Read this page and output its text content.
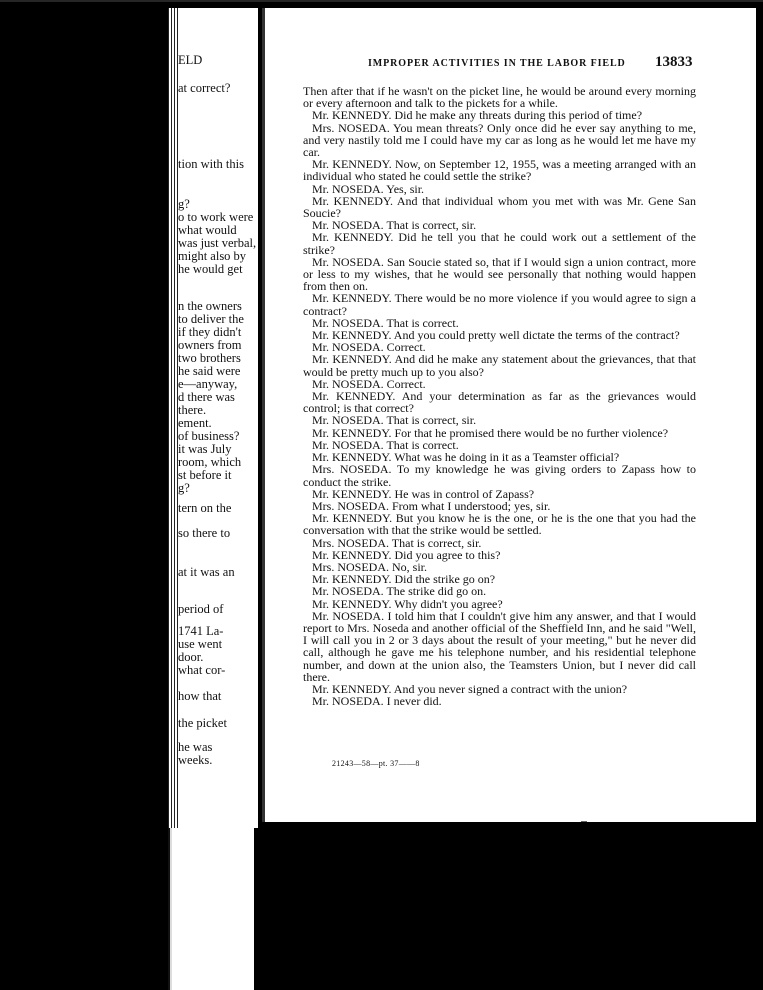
ELD
at correct?
tion with this
g?
o to work were
what would
was just verbal,
might also by
he would get
n the owners
to deliver the
if they didn't
owners from
two brothers
he said were
e—anyway,
d there was
there.
ement.
of business?
it was July
room, which
st before it
g?
tern on the
so there to
at it was an
period of
1741 La-
use went
door.
what cor-
how that
the picket
he was
weeks.
IMPROPER ACTIVITIES IN THE LABOR FIELD 13833

Then after that if he wasn't on the picket line, he would be around every morning or every afternoon and talk to the pickets for a while.

Mr. KENNEDY. Did he make any threats during this period of time?

Mrs. NOSEDA. You mean threats? Only once did he ever say anything to me, and very nastily told me I could have my car as long as he would let me have my car.

Mr. KENNEDY. Now, on September 12, 1955, was a meeting arranged with an individual who stated he could settle the strike?

Mr. NOSEDA. Yes, sir.

Mr. KENNEDY. And that individual whom you met with was Mr. Gene San Soucie?

Mr. NOSEDA. That is correct, sir.

Mr. KENNEDY. Did he tell you that he could work out a settlement of the strike?

Mr. NOSEDA. San Soucie stated so, that if I would sign a union contract, more or less to my wishes, that he would see personally that nothing would happen from then on.

Mr. KENNEDY. There would be no more violence if you would agree to sign a contract?

Mr. NOSEDA. That is correct.

Mr. KENNEDY. And you could pretty well dictate the terms of the contract?

Mr. NOSEDA. Correct.

Mr. KENNEDY. And did he make any statement about the grievances, that that would be pretty much up to you also?

Mr. NOSEDA. Correct.

Mr. KENNEDY. And your determination as far as the grievances would control; is that correct?

Mr. NOSEDA. That is correct, sir.

Mr. KENNEDY. For that he promised there would be no further violence?

Mr. NOSEDA. That is correct.

Mr. KENNEDY. What was he doing in it as a Teamster official?

Mrs. NOSEDA. To my knowledge he was giving orders to Zapass how to conduct the strike.

Mr. KENNEDY. He was in control of Zapass?

Mrs. NOSEDA. From what I understood; yes, sir.

Mr. KENNEDY. But you know he is the one, or he is the one that you had the conversation with that the strike would be settled.

Mrs. NOSEDA. That is correct, sir.

Mr. KENNEDY. Did you agree to this?

Mrs. NOSEDA. No, sir.

Mr. KENNEDY. Did the strike go on?

Mr. NOSEDA. The strike did go on.

Mr. KENNEDY. Why didn't you agree?

Mr. NOSEDA. I told him that I couldn't give him any answer, and that I would report to Mrs. Noseda and another official of the Sheffield Inn, and he said "Well, I will call you in 2 or 3 days about the result of your meeting," but he never did call, although he gave me his telephone number, and his residential telephone number, and down at the union also, the Teamsters Union, but I never did call there.

Mr. KENNEDY. And you never signed a contract with the union?

Mr. NOSEDA. I never did.

21243—58—pt. 37——8
